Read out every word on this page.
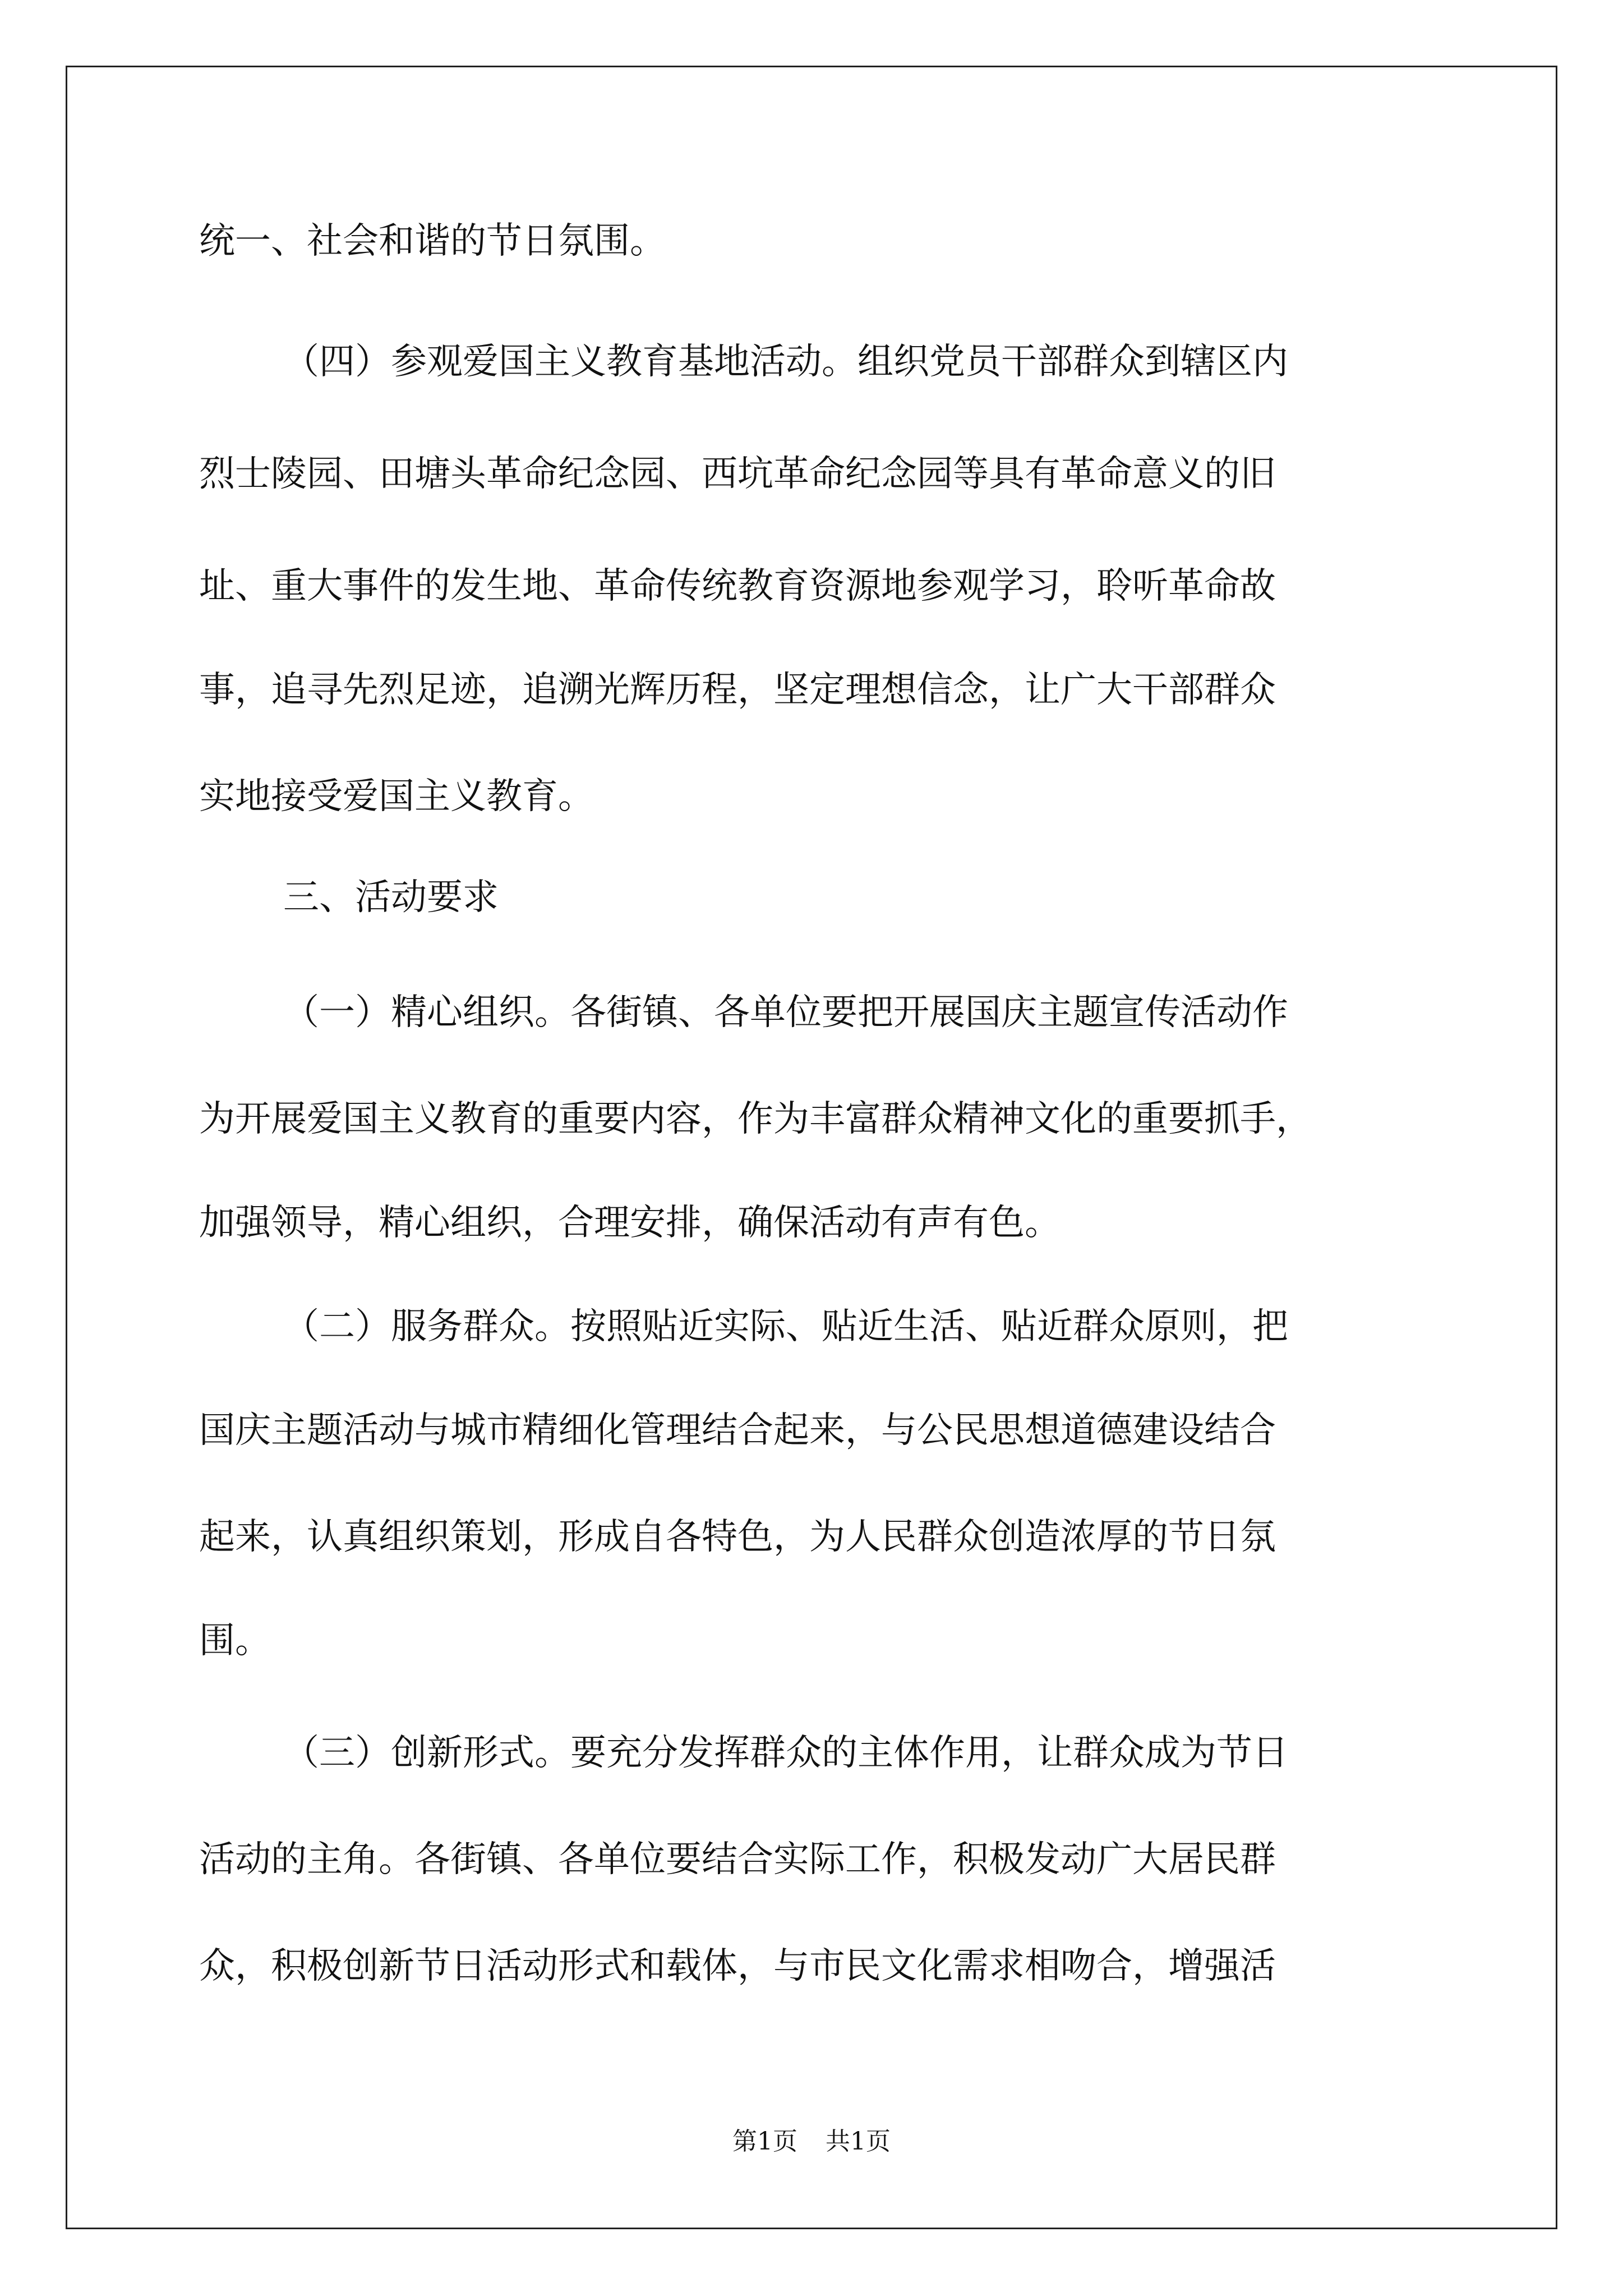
统一、社会和谐的节日氛围。

（四）参观爱国主义教育基地活动。组织党员干部群众到辖区内

烈士陵园、田塘头革命纪念园、西坑革命纪念园等具有革命意义的旧

址、重大事件的发生地、革命传统教育资源地参观学习，聆听革命故

事，追寻先烈足迹，追溯光辉历程，坚定理想信念，让广大干部群众

实地接受爱国主义教育。

三、活动要求

（一）精心组织。各街镇、各单位要把开展国庆主题宣传活动作

为开展爱国主义教育的重要内容，作为丰富群众精神文化的重要抓手，

加强领导，精心组织，合理安排，确保活动有声有色。

（二）服务群众。按照贴近实际、贴近生活、贴近群众原则，把

国庆主题活动与城市精细化管理结合起来，与公民思想道德建设结合

起来，认真组织策划，形成自各特色，为人民群众创造浓厚的节日氛

围。

（三）创新形式。要充分发挥群众的主体作用，让群众成为节日

活动的主角。各街镇、各单位要结合实际工作，积极发动广大居民群

众，积极创新节日活动形式和载体，与市民文化需求相吻合，增强活

第1页 共1页
